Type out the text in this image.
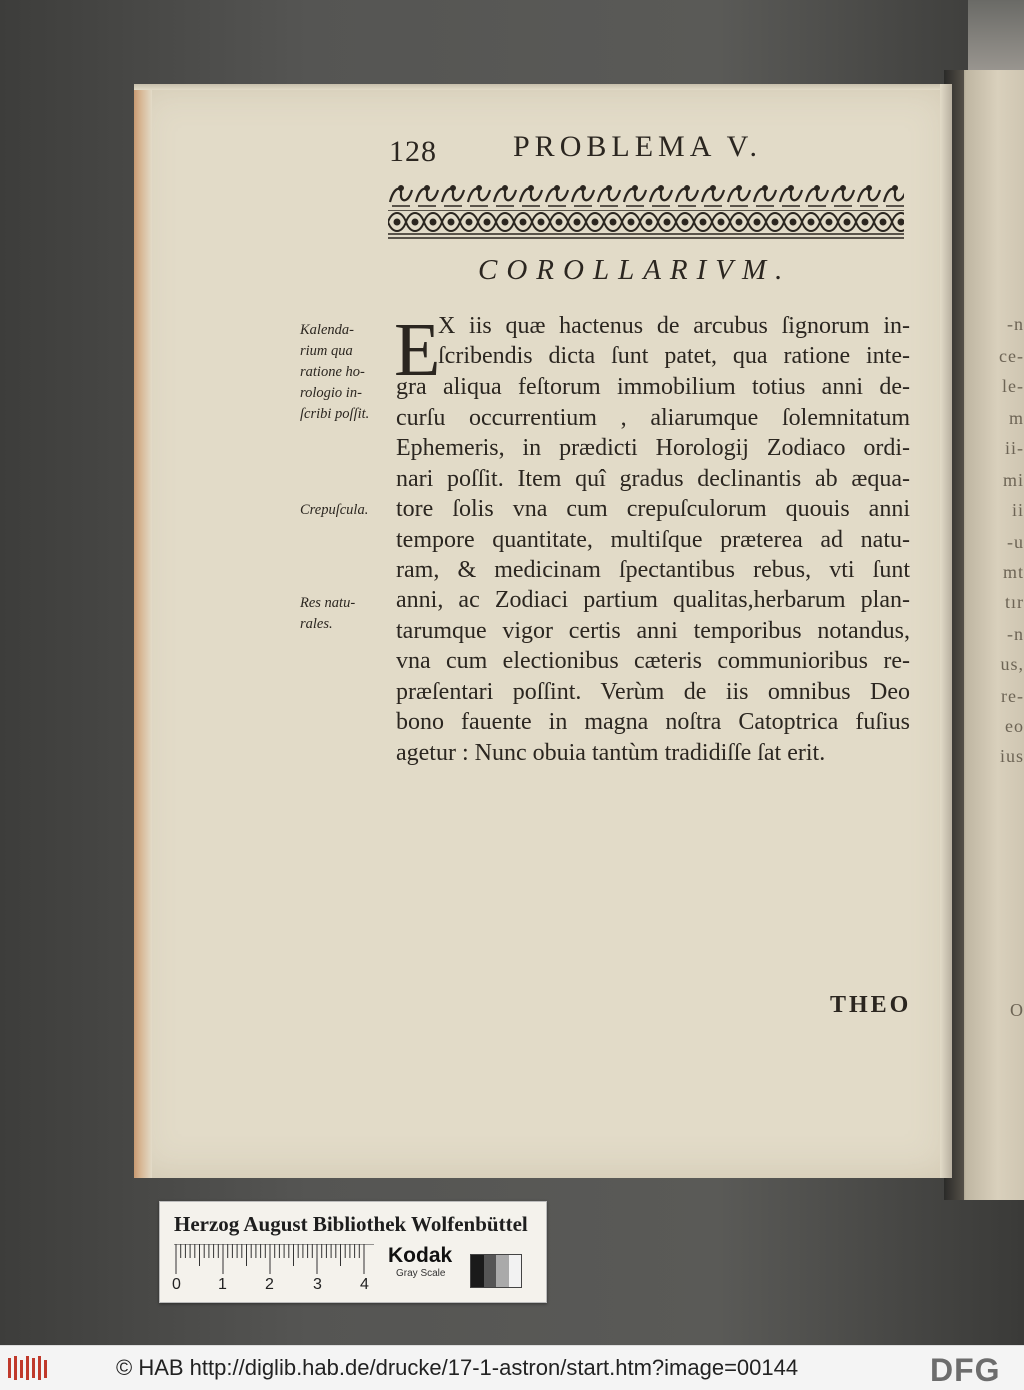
-n
ce-
le-
m
ii-
mi
ii
-u
mt
tır
-n
us,
re-
eo
ius
O
128	PROBLEMA V.
COROLLARIVM.
Kalenda-
rium qua
ratione ho-
rologio in-
ſcribi poſſit.
Crepuſcula.
Res natu-
rales.
E
X iis quæ hactenus de arcubus ſignorum in-
ſcribendis dicta ſunt patet, qua ratione inte-
gra aliqua feſtorum immobilium totius anni de-
curſu occurrentium , aliarumque ſolemnitatum
Ephemeris, in prædicti Horologij Zodiaco ordi-
nari poſſit. Item quî gradus declinantis ab æqua-
tore ſolis vna cum crepuſculorum quouis anni
tempore quantitate, multiſque præterea ad natu-
ram, & medicinam ſpectantibus rebus, vti ſunt
anni, ac Zodiaci partium qualitas,herbarum plan-
tarumque vigor certis anni temporibus notandus,
vna cum electionibus cæteris communioribus re-
præſentari poſſint. Verùm de iis omnibus Deo
bono fauente in magna noſtra Catoptrica fuſius
agetur : Nunc obuia tantùm tradidiſſe ſat erit.
THEO
Herzog August Bibliothek Wolfenbüttel
0 1 2 3 4
Kodak
Gray Scale
© HAB http://diglib.hab.de/drucke/17-1-astron/start.htm?image=00144	DFG
